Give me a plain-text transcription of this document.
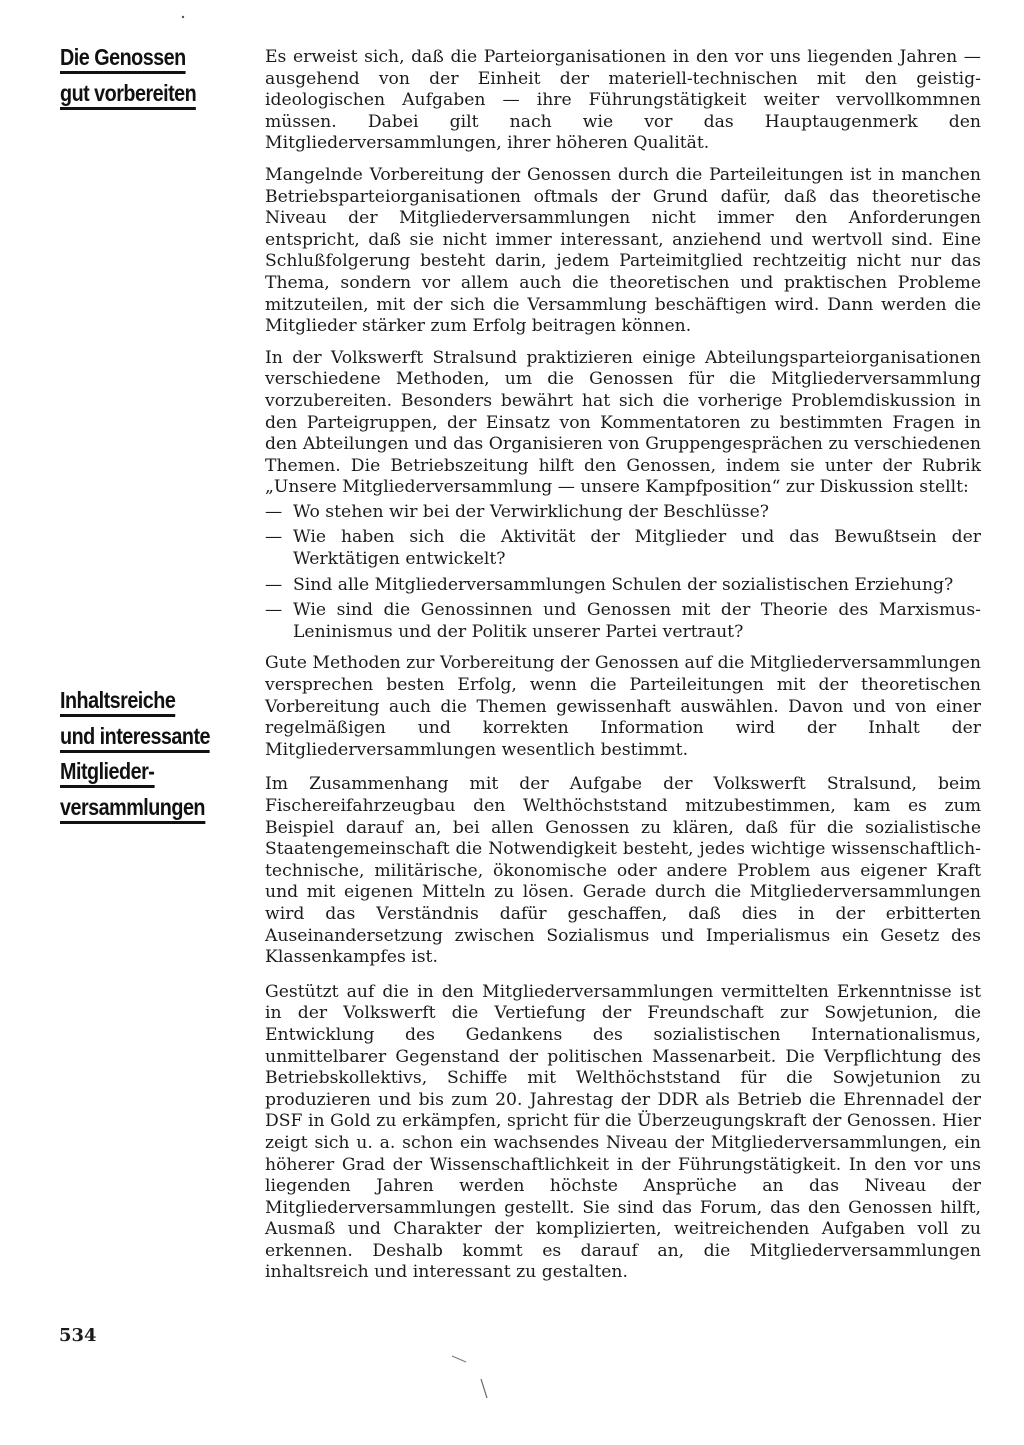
Die Genossen
gut vorbereiten
Inhaltsreiche
und interessante
Mitglieder-
versammlungen

Es erweist sich, daß die Parteiorganisationen in den vor uns liegenden Jahren — ausgehend von der Einheit der materiell-technischen mit den geistig-ideologischen Aufgaben — ihre Führungstätigkeit weiter vervollkommnen müssen. Dabei gilt nach wie vor das Hauptaugenmerk den Mitgliederversammlungen, ihrer höheren Qualität.

Mangelnde Vorbereitung der Genossen durch die Parteileitungen ist in manchen Betriebsparteiorganisationen oftmals der Grund dafür, daß das theoretische Niveau der Mitgliederversammlungen nicht immer den Anforderungen entspricht, daß sie nicht immer interessant, anziehend und wertvoll sind. Eine Schlußfolgerung besteht darin, jedem Parteimitglied rechtzeitig nicht nur das Thema, sondern vor allem auch die theoretischen und praktischen Probleme mitzuteilen, mit der sich die Versammlung beschäftigen wird. Dann werden die Mitglieder stärker zum Erfolg beitragen können.

In der Volkswerft Stralsund praktizieren einige Abteilungsparteiorganisationen verschiedene Methoden, um die Genossen für die Mitgliederversammlung vorzubereiten. Besonders bewährt hat sich die vorherige Problemdiskussion in den Parteigruppen, der Einsatz von Kommentatoren zu bestimmten Fragen in den Abteilungen und das Organisieren von Gruppengesprächen zu verschiedenen Themen. Die Betriebszeitung hilft den Genossen, indem sie unter der Rubrik „Unsere Mitgliederversammlung — unsere Kampfposition“ zur Diskussion stellt:

— Wo stehen wir bei der Verwirklichung der Beschlüsse?
— Wie haben sich die Aktivität der Mitglieder und das Bewußtsein der Werktätigen entwickelt?
— Sind alle Mitgliederversammlungen Schulen der sozialistischen Erziehung?
— Wie sind die Genossinnen und Genossen mit der Theorie des Marxismus-Leninismus und der Politik unserer Partei vertraut?

Gute Methoden zur Vorbereitung der Genossen auf die Mitgliederversammlungen versprechen besten Erfolg, wenn die Parteileitungen mit der theoretischen Vorbereitung auch die Themen gewissenhaft auswählen. Davon und von einer regelmäßigen und korrekten Information wird der Inhalt der Mitgliederversammlungen wesentlich bestimmt.

Im Zusammenhang mit der Aufgabe der Volkswerft Stralsund, beim Fischereifahrzeugbau den Welthöchststand mitzubestimmen, kam es zum Beispiel darauf an, bei allen Genossen zu klären, daß für die sozialistische Staatengemeinschaft die Notwendigkeit besteht, jedes wichtige wissenschaftlich-technische, militärische, ökonomische oder andere Problem aus eigener Kraft und mit eigenen Mitteln zu lösen. Gerade durch die Mitgliederversammlungen wird das Verständnis dafür geschaffen, daß dies in der erbitterten Auseinandersetzung zwischen Sozialismus und Imperialismus ein Gesetz des Klassenkampfes ist.

Gestützt auf die in den Mitgliederversammlungen vermittelten Erkenntnisse ist in der Volkswerft die Vertiefung der Freundschaft zur Sowjetunion, die Entwicklung des Gedankens des sozialistischen Internationalismus, unmittelbarer Gegenstand der politischen Massenarbeit. Die Verpflichtung des Betriebskollektivs, Schiffe mit Welthöchststand für die Sowjetunion zu produzieren und bis zum 20. Jahrestag der DDR als Betrieb die Ehrennadel der DSF in Gold zu erkämpfen, spricht für die Überzeugungskraft der Genossen. Hier zeigt sich u. a. schon ein wachsendes Niveau der Mitgliederversammlungen, ein höherer Grad der Wissenschaftlichkeit in der Führungstätigkeit. In den vor uns liegenden Jahren werden höchste Ansprüche an das Niveau der Mitgliederversammlungen gestellt. Sie sind das Forum, das den Genossen hilft, Ausmaß und Charakter der komplizierten, weitreichenden Aufgaben voll zu erkennen. Deshalb kommt es darauf an, die Mitgliederversammlungen inhaltsreich und interessant zu gestalten.

534
